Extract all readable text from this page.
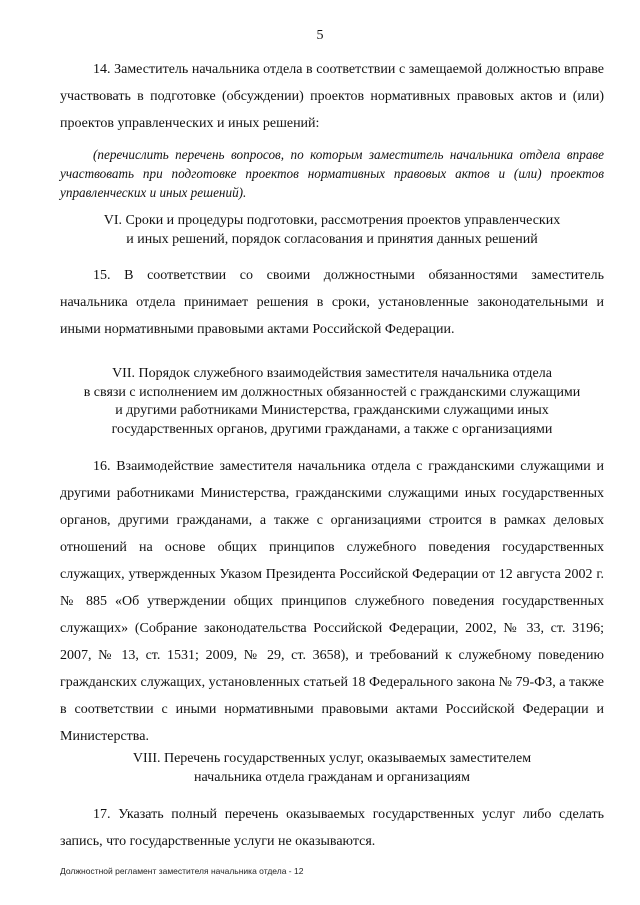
5

14. Заместитель начальника отдела в соответствии с замещаемой должностью вправе участвовать в подготовке (обсуждении) проектов нормативных правовых актов и (или) проектов управленческих и иных решений:

(перечислить перечень вопросов, по которым заместитель начальника отдела вправе участвовать при подготовке проектов нормативных правовых актов и (или) проектов управленческих и иных решений).

VI. Сроки и процедуры подготовки, рассмотрения проектов управленческих

и иных решений, порядок согласования и принятия данных решений

15. В соответствии со своими должностными обязанностями заместитель начальника отдела принимает решения в сроки, установленные законодательными и иными нормативными правовыми актами Российской Федерации.

VII. Порядок служебного взаимодействия заместителя начальника отдела

в связи с исполнением им должностных обязанностей с гражданскими служащими

и другими работниками Министерства, гражданскими служащими иных

государственных органов, другими гражданами, а также с организациями

16. Взаимодействие заместителя начальника отдела с гражданскими служащими и другими работниками Министерства, гражданскими служащими иных государственных органов, другими гражданами, а также с организациями строится в рамках деловых отношений на основе общих принципов служебного поведения государственных служащих, утвержденных Указом Президента Российской Федерации от 12 августа 2002 г. № 885 «Об утверждении общих принципов служебного поведения государственных служащих» (Собрание законодательства Российской Федерации, 2002, № 33, ст. 3196; 2007, № 13, ст. 1531; 2009, № 29, ст. 3658), и требований к служебному поведению гражданских служащих, установленных статьей 18 Федерального закона № 79-ФЗ, а также в соответствии с иными нормативными правовыми актами Российской Федерации и Министерства.

VIII. Перечень государственных услуг, оказываемых заместителем

начальника отдела гражданам и организациям

17. Указать полный перечень оказываемых государственных услуг либо сделать запись, что государственные услуги не оказываются.

Должностной регламент заместителя начальника отдела - 12
